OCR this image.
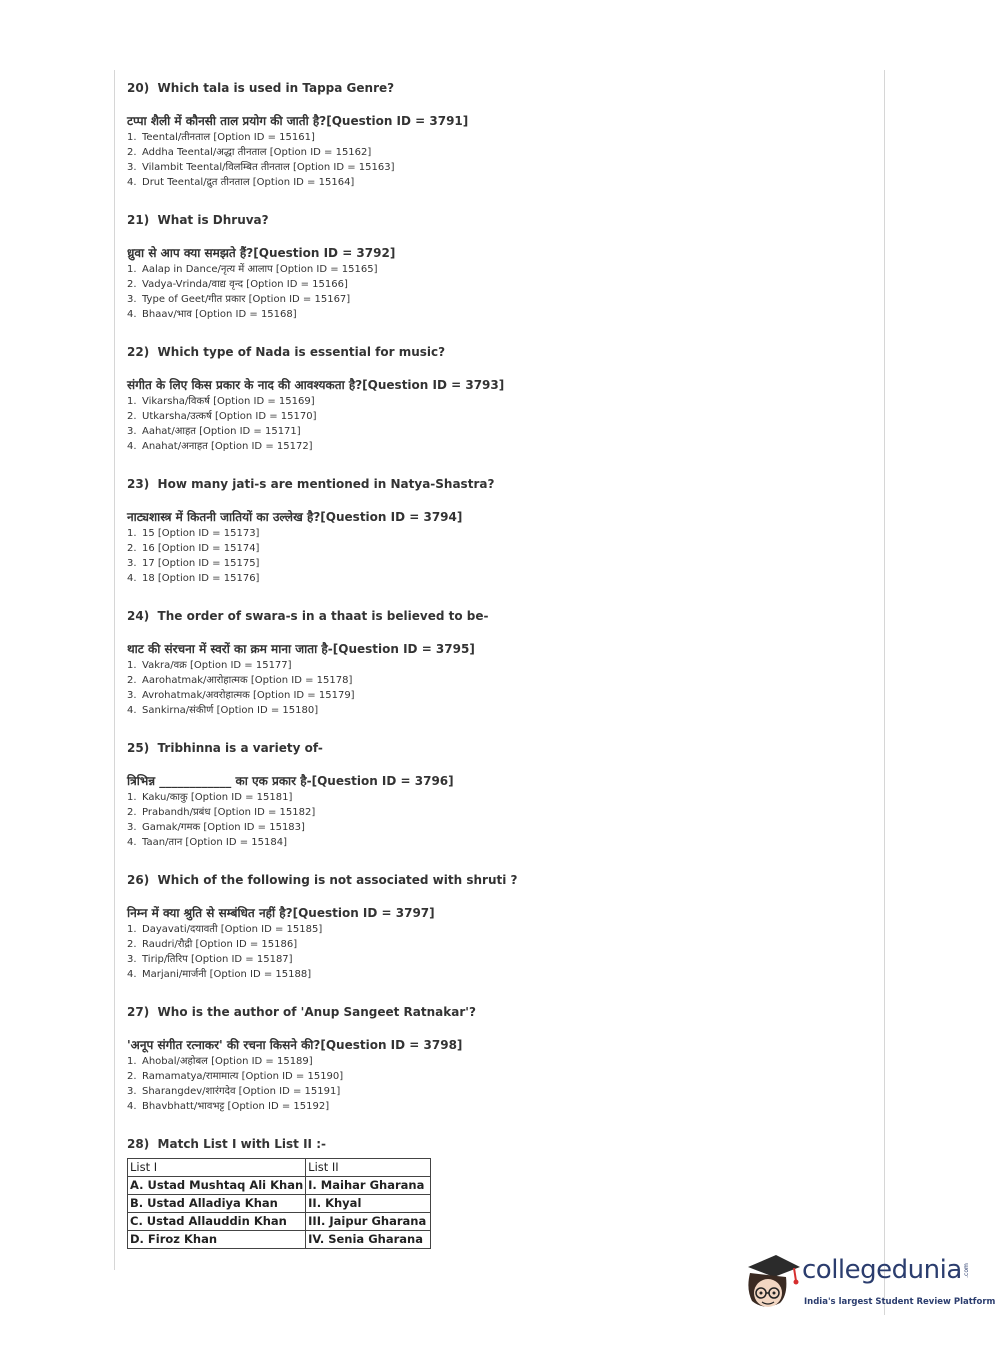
20) Which tala is used in Tappa Genre?
टप्पा शैली में कौनसी ताल प्रयोग की जाती है?[Question ID = 3791]
1. Teental/तीनताल [Option ID = 15161]
2. Addha Teental/अद्धा तीनताल [Option ID = 15162]
3. Vilambit Teental/विलम्बित तीनताल [Option ID = 15163]
4. Drut Teental/द्रुत तीनताल [Option ID = 15164]
21) What is Dhruva?
ध्रुवा से आप क्या समझते हैं?[Question ID = 3792]
1. Aalap in Dance/नृत्य में आलाप [Option ID = 15165]
2. Vadya-Vrinda/वाद्य वृन्द [Option ID = 15166]
3. Type of Geet/गीत प्रकार [Option ID = 15167]
4. Bhaav/भाव [Option ID = 15168]
22) Which type of Nada is essential for music?
संगीत के लिए किस प्रकार के नाद की आवश्यकता है?[Question ID = 3793]
1. Vikarsha/विकर्ष [Option ID = 15169]
2. Utkarsha/उत्कर्ष [Option ID = 15170]
3. Aahat/आहत [Option ID = 15171]
4. Anahat/अनाहत [Option ID = 15172]
23) How many jati-s are mentioned in Natya-Shastra?
नाट्यशास्त्र में कितनी जातियों का उल्लेख है?[Question ID = 3794]
1. 15 [Option ID = 15173]
2. 16 [Option ID = 15174]
3. 17 [Option ID = 15175]
4. 18 [Option ID = 15176]
24) The order of swara-s in a thaat is believed to be-
थाट की संरचना में स्वरों का क्रम माना जाता है-[Question ID = 3795]
1. Vakra/वक्र [Option ID = 15177]
2. Aarohatmak/आरोहात्मक [Option ID = 15178]
3. Avrohatmak/अवरोहात्मक [Option ID = 15179]
4. Sankirna/संकीर्ण [Option ID = 15180]
25) Tribhinna is a variety of-
त्रिभिन्न ____________ का एक प्रकार है-[Question ID = 3796]
1. Kaku/काकु [Option ID = 15181]
2. Prabandh/प्रबंध [Option ID = 15182]
3. Gamak/गमक [Option ID = 15183]
4. Taan/तान [Option ID = 15184]
26) Which of the following is not associated with shruti ?
निम्न में क्या श्रुति से सम्बंधित नहीं है?[Question ID = 3797]
1. Dayavati/दयावती [Option ID = 15185]
2. Raudri/रौद्री [Option ID = 15186]
3. Tirip/तिरिप [Option ID = 15187]
4. Marjani/मार्जनी [Option ID = 15188]
27) Who is the author of 'Anup Sangeet Ratnakar'?
'अनूप संगीत रत्नाकर' की रचना किसने की?[Question ID = 3798]
1. Ahobal/अहोबल [Option ID = 15189]
2. Ramamatya/रामामात्य [Option ID = 15190]
3. Sharangdev/शारंगदेव [Option ID = 15191]
4. Bhavbhatt/भावभट्ट [Option ID = 15192]
28) Match List I with List II :-
List I	List II
A. Ustad Mushtaq Ali Khan	I. Maihar Gharana
B. Ustad Alladiya Khan	II. Khyal
C. Ustad Allauddin Khan	III. Jaipur Gharana
D. Firoz Khan	IV. Senia Gharana
collegedunia .com
India's largest Student Review Platform
